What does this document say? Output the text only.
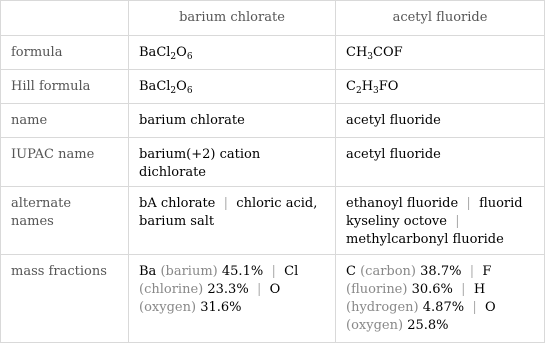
	barium chlorate	acetyl fluoride
formula	$BaCl_2O_6$	$CH_3COF$
Hill formula	$BaCl_2O_6$	$C_2H_3FO$
name	barium chlorate	acetyl fluoride
IUPAC name	barium(+2) cation dichlorate	acetyl fluoride
alternate names	bA chlorate | chloric acid, barium salt	ethanoyl fluoride | fluorid kyseliny octove |  methylcarbonyl fluoride
mass fractions	Ba (barium) 45.1% | Cl (chlorine) 23.3% | O (oxygen) 31.6%	C (carbon) 38.7% | F (fluorine) 30.6% | H (hydrogen) 4.87% | O (oxygen) 25.8%
